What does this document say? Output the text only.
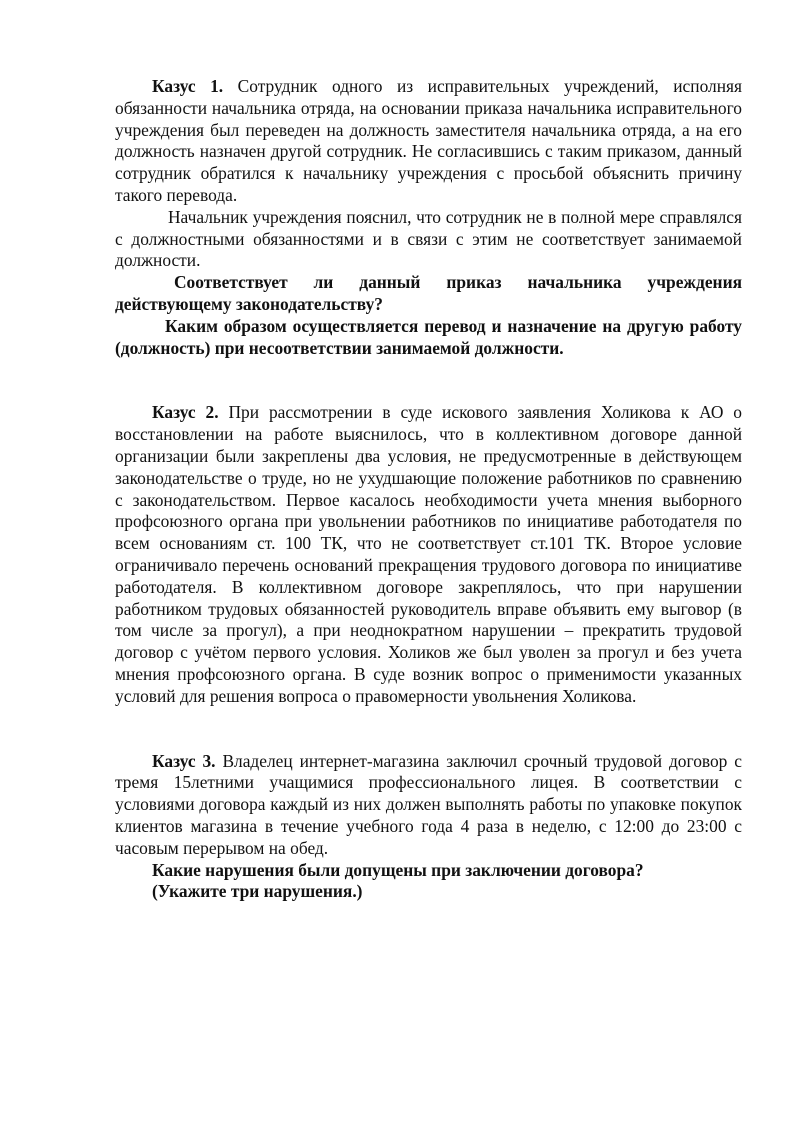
Казус 1. Сотрудник одного из исправительных учреждений, исполняя обязанности начальника отряда, на основании приказа начальника исправительного учреждения был переведен на должность заместителя начальника отряда, а на его должность назначен другой сотрудник. Не согласившись с таким приказом, данный сотрудник обратился к начальнику учреждения с просьбой объяснить причину такого перевода.

Начальник учреждения пояснил, что сотрудник не в полной мере справлялся с должностными обязанностями и в связи с этим не соответствует занимаемой должности.

Соответствует ли данный приказ начальника учреждения действующему законодательству?

Каким образом осуществляется перевод и назначение на другую работу (должность) при несоответствии занимаемой должности.

Казус 2. При рассмотрении в суде искового заявления Холикова к АО о восстановлении на работе выяснилось, что в коллективном договоре данной организации были закреплены два условия, не предусмотренные в действующем законодательстве о труде, но не ухудшающие положение работников по сравнению с законодательством. Первое касалось необходимости учета мнения выборного профсоюзного органа при увольнении работников по инициативе работодателя по всем основаниям ст. 100 ТК, что не соответствует ст.101 ТК. Второе условие ограничивало перечень оснований прекращения трудового договора по инициативе работодателя. В коллективном договоре закреплялось, что при нарушении работником трудовых обязанностей руководитель вправе объявить ему выговор (в том числе за прогул), а при неоднократном нарушении – прекратить трудовой договор с учётом первого условия. Холиков же был уволен за прогул и без учета мнения профсоюзного органа. В суде возник вопрос о применимости указанных условий для решения вопроса о правомерности увольнения Холикова.

Казус 3. Владелец интернет-магазина заключил срочный трудовой договор с тремя 15летними учащимися профессионального лицея. В соответствии с условиями договора каждый из них должен выполнять работы по упаковке покупок клиентов магазина в течение учебного года 4 раза в неделю, с 12:00 до 23:00 с часовым перерывом на обед.

Какие нарушения были допущены при заключении договора?

(Укажите три нарушения.)
